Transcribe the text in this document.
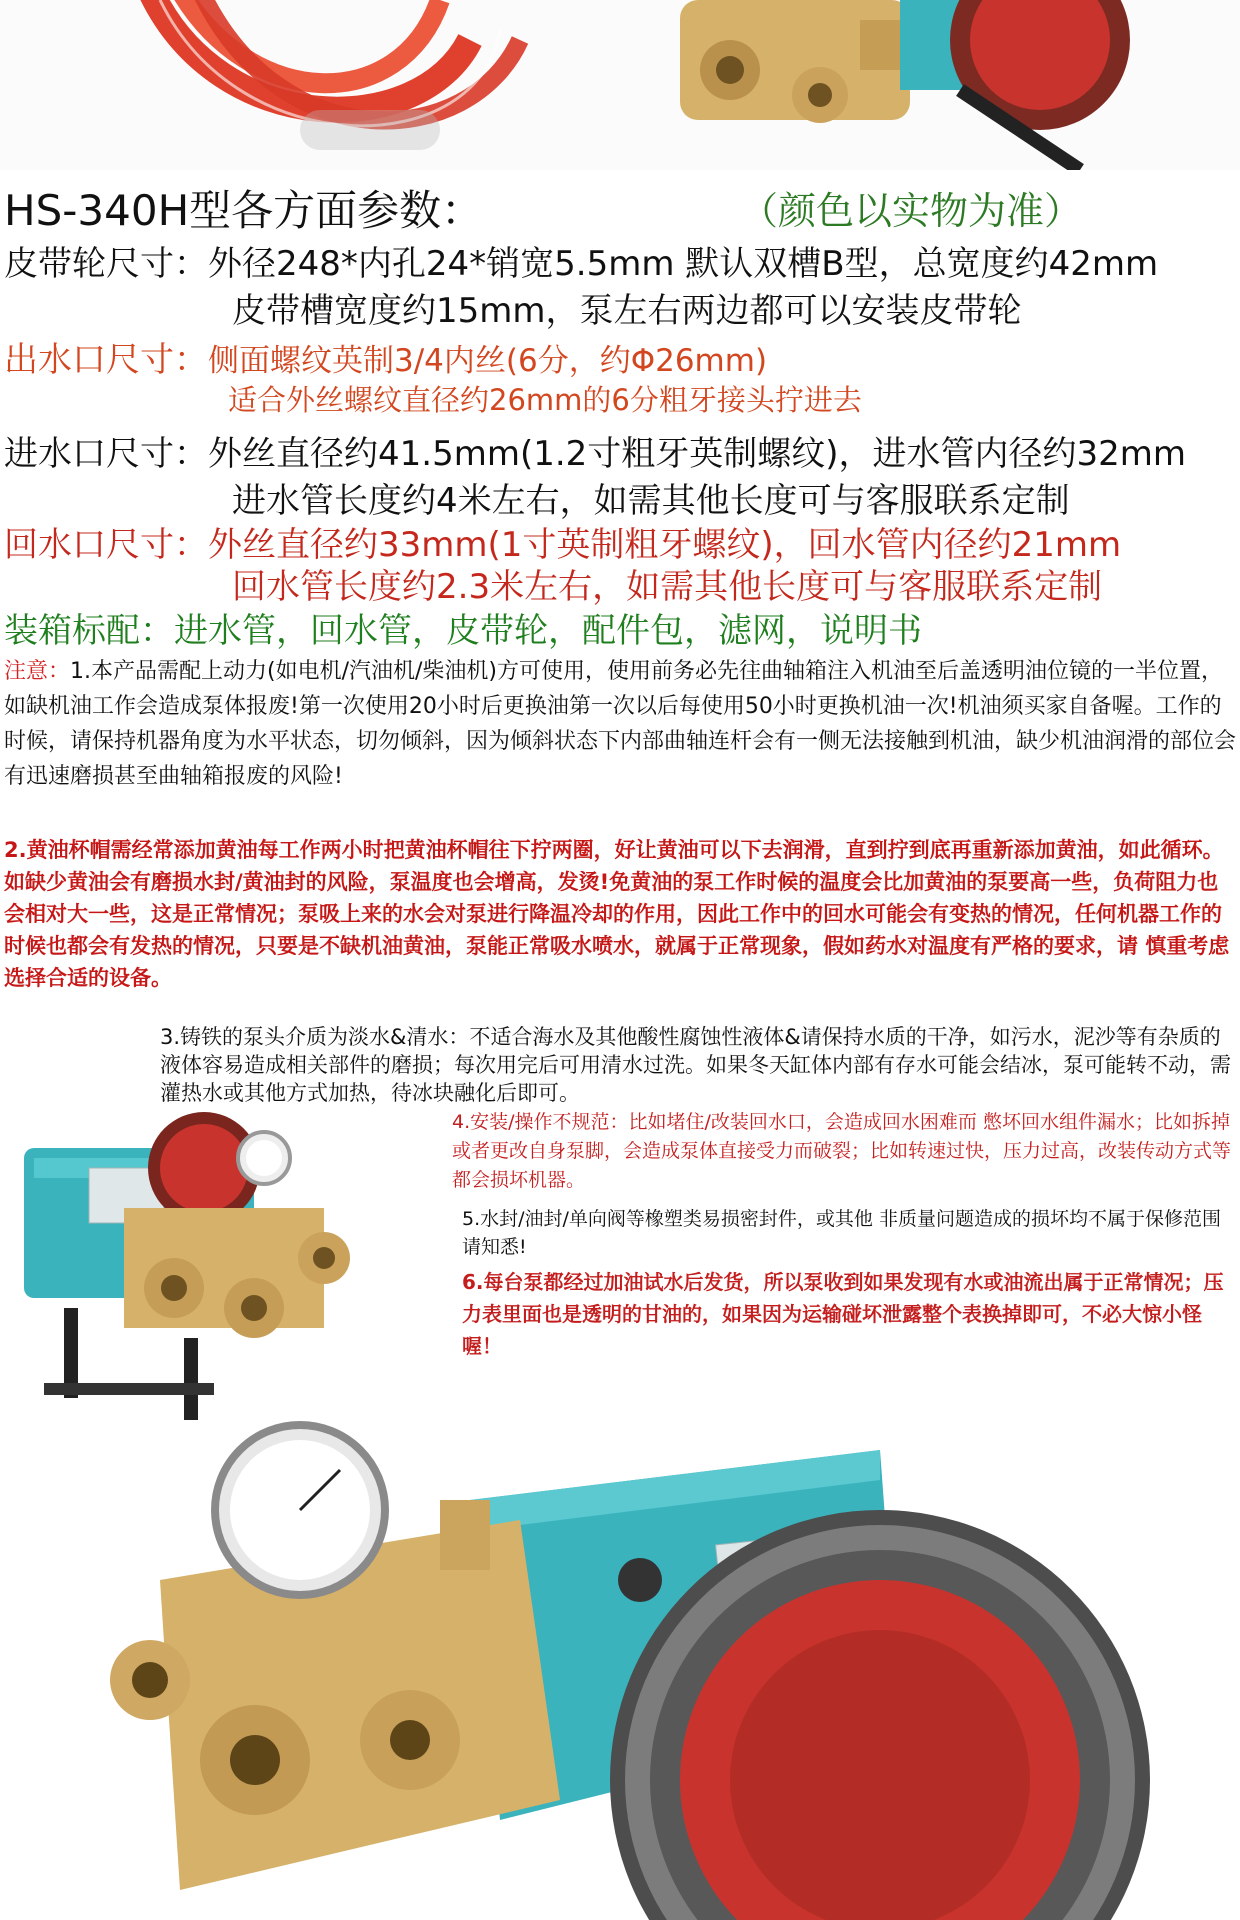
HS-340H型各方面参数：	（颜色以实物为准）
皮带轮尺寸：外径248*内孔24*销宽5.5mm 默认双槽B型，总宽度约42mm
皮带槽宽度约15mm，泵左右两边都可以安装皮带轮
出水口尺寸：侧面螺纹英制3/4内丝(6分，约Φ26mm)
适合外丝螺纹直径约26mm的6分粗牙接头拧进去
进水口尺寸：外丝直径约41.5mm(1.2寸粗牙英制螺纹)，进水管内径约32mm
进水管长度约4米左右，如需其他长度可与客服联系定制
回水口尺寸：外丝直径约33mm(1寸英制粗牙螺纹)，回水管内径约21mm
回水管长度约2.3米左右，如需其他长度可与客服联系定制
装箱标配：进水管，回水管，皮带轮，配件包，滤网，说明书
注意：1.本产品需配上动力(如电机/汽油机/柴油机)方可使用，使用前务必先往曲轴箱注入机油至后盖透明油位镜的一半位置，如缺机油工作会造成泵体报废!第一次使用20小时后更换油第一次以后每使用50小时更换机油一次!机油须买家自备喔。工作的时候，请保持机器角度为水平状态，切勿倾斜，因为倾斜状态下内部曲轴连杆会有一侧无法接触到机油，缺少机油润滑的部位会有迅速磨损甚至曲轴箱报废的风险!
2.黄油杯帽需经常添加黄油每工作两小时把黄油杯帽往下拧两圈，好让黄油可以下去润滑，直到拧到底再重新添加黄油，如此循环。如缺少黄油会有磨损水封/黄油封的风险，泵温度也会增高，发烫!免黄油的泵工作时候的温度会比加黄油的泵要高一些，负荷阻力也会相对大一些，这是正常情况；泵吸上来的水会对泵进行降温冷却的作用，因此工作中的回水可能会有变热的情况，任何机器工作的时候也都会有发热的情况，只要是不缺机油黄油，泵能正常吸水喷水，就属于正常现象，假如药水对温度有严格的要求，请 慎重考虑选择合适的设备。
3.铸铁的泵头介质为淡水&清水：不适合海水及其他酸性腐蚀性液体&请保持水质的干净，如污水，泥沙等有杂质的液体容易造成相关部件的磨损；每次用完后可用清水过洗。如果冬天缸体内部有存水可能会结冰，泵可能转不动，需灌热水或其他方式加热，待冰块融化后即可。
4.安装/操作不规范：比如堵住/改装回水口，会造成回水困难而 憋坏回水组件漏水；比如拆掉或者更改自身泵脚，会造成泵体直接受力而破裂；比如转速过快，压力过高，改装传动方式等都会损坏机器。
5.水封/油封/单向阀等橡塑类易损密封件，或其他 非质量问题造成的损坏均不属于保修范围请知悉!
6.每台泵都经过加油试水后发货，所以泵收到如果发现有水或油流出属于正常情况；压力表里面也是透明的甘油的，如果因为运输碰坏泄露整个表换掉即可，不必大惊小怪喔！
